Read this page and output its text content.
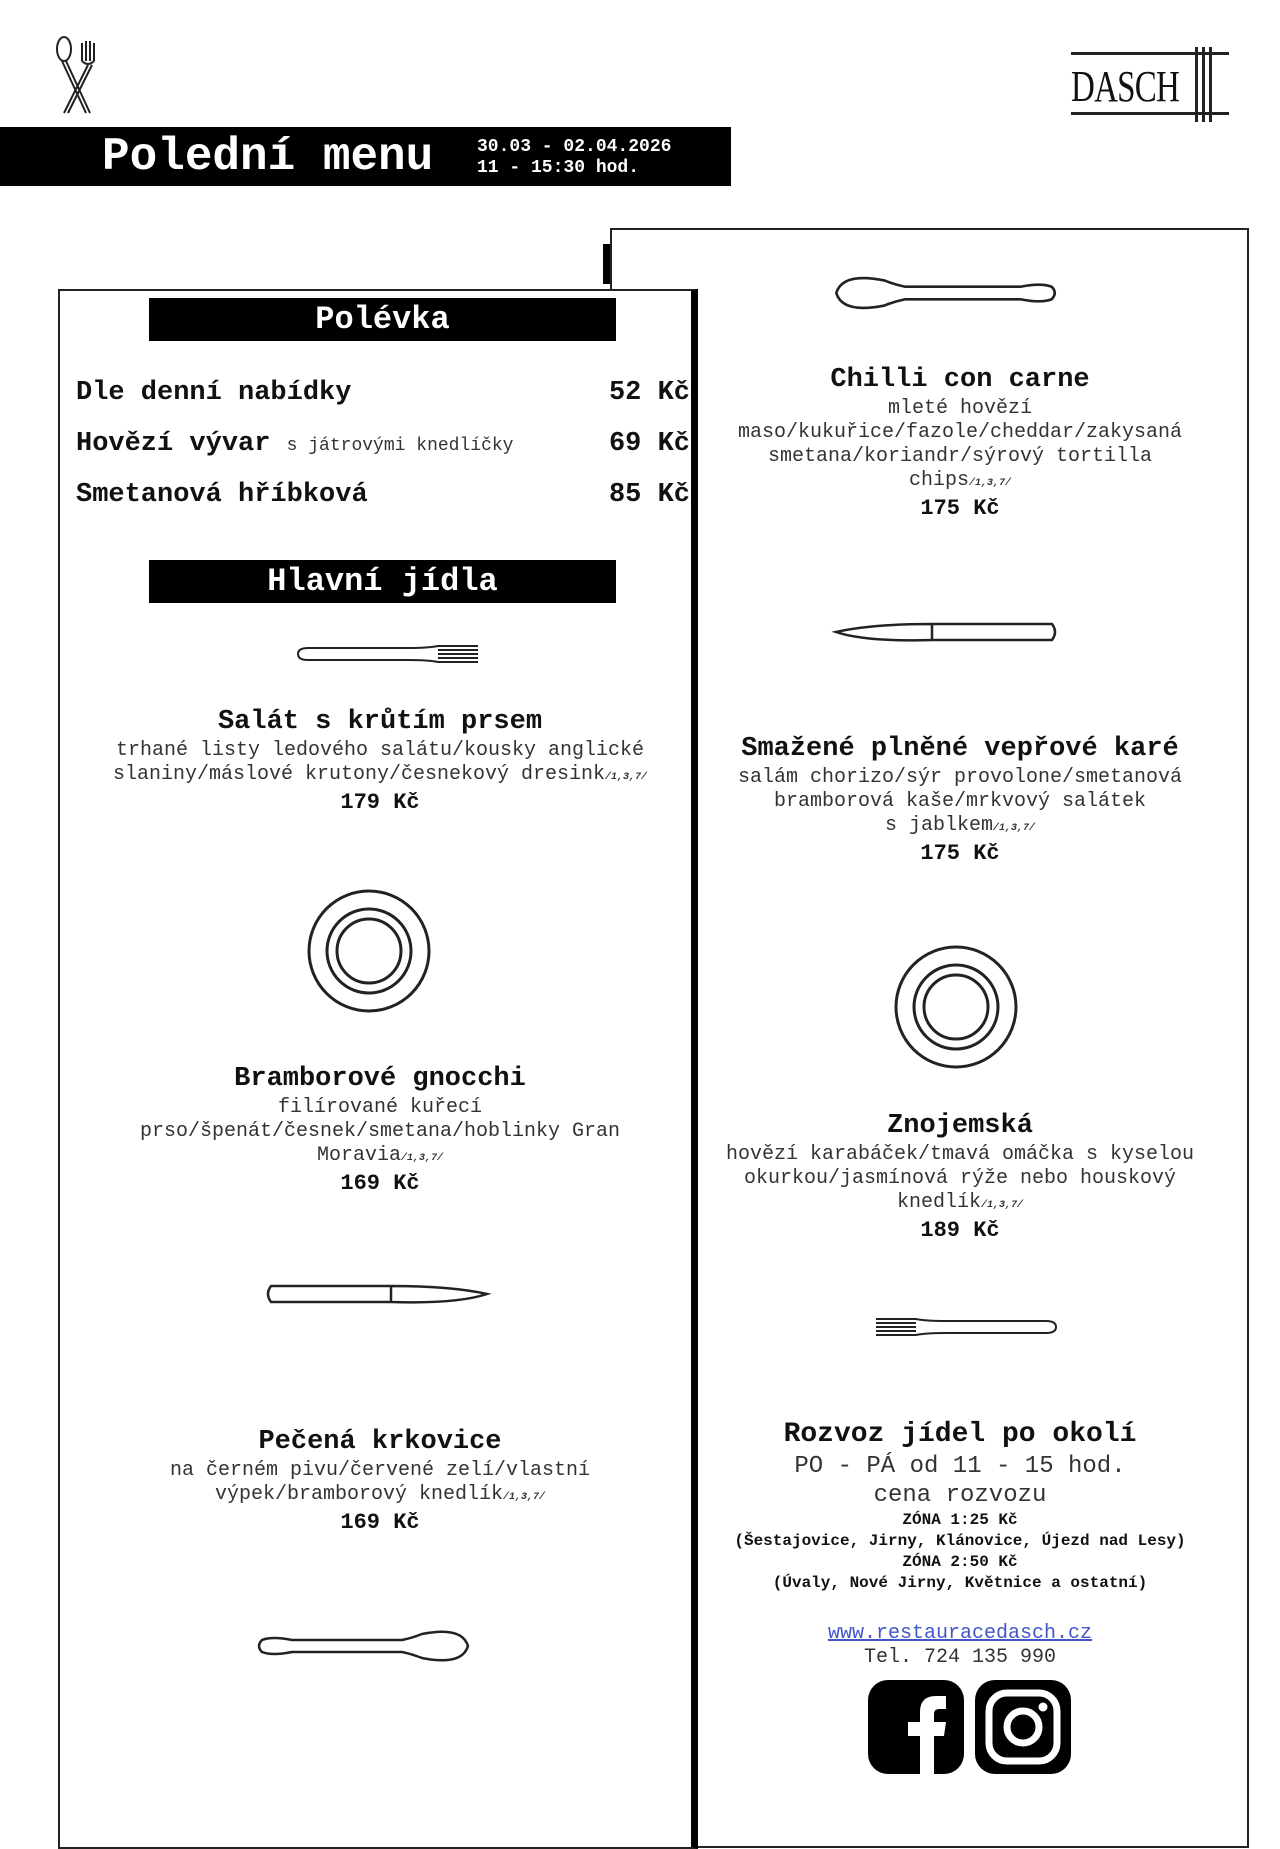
DASCH
Polední menu 30.03 - 02.04.2026
11 - 15:30 hod.
Polévka
Dle denní nabídky	52 Kč
Hovězí vývar s játrovými knedlíčky	69 Kč
Smetanová hříbková	85 Kč
Hlavní jídla
Salát s krůtím prsem
trhané listy ledového salátu/kousky anglické
slaniny/máslové krutony/česnekový dresink/1,3,7/
179 Kč
Bramborové gnocchi
filírované kuřecí
prso/špenát/česnek/smetana/hoblinky Gran
Moravia/1,3,7/
169 Kč
Pečená krkovice
na černém pivu/červené zelí/vlastní
výpek/bramborový knedlík/1,3,7/
169 Kč
Chilli con carne
mleté hovězí
maso/kukuřice/fazole/cheddar/zakysaná
smetana/koriandr/sýrový tortilla
chips/1,3,7/
175 Kč
Smažené plněné vepřové karé
salám chorizo/sýr provolone/smetanová
bramborová kaše/mrkvový salátek
s jablkem/1,3,7/
175 Kč
Znojemská
hovězí karabáček/tmavá omáčka s kyselou
okurkou/jasmínová rýže nebo houskový
knedlík/1,3,7/
189 Kč
Rozvoz jídel po okolí
PO - PÁ od 11 - 15 hod.
cena rozvozu
ZÓNA 1:25 Kč
(Šestajovice, Jirny, Klánovice, Újezd nad Lesy)
ZÓNA 2:50 Kč
(Úvaly, Nové Jirny, Květnice a ostatní)
www.restauracedasch.cz
Tel. 724 135 990
